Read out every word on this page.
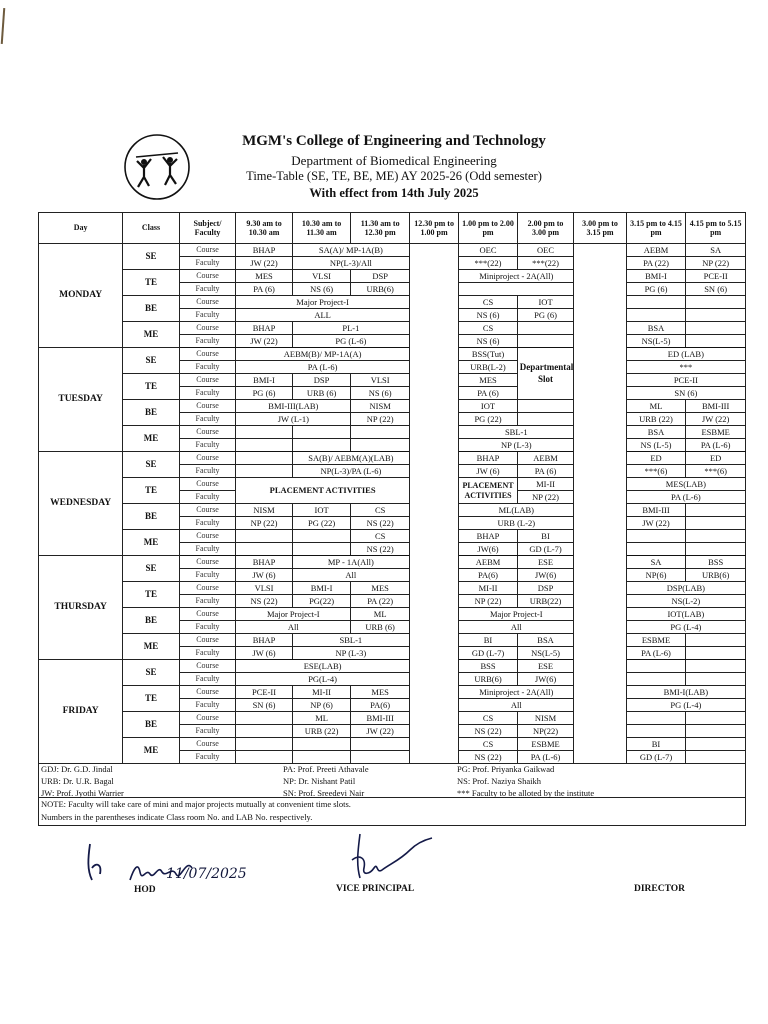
MGM's College of Engineering and Technology
Department of Biomedical Engineering
Time-Table (SE, TE, BE, ME) AY 2025-26 (Odd semester)
With effect from 14th July 2025
Day	Class	Subject/ Faculty	9.30 am to 10.30 am	10.30 am to 11.30 am	11.30 am to 12.30 pm	12.30 pm to 1.00 pm	1.00 pm to 2.00 pm	2.00 pm to 3.00 pm	3.00 pm to 3.15 pm	3.15 pm to 4.15 pm	4.15 pm to 5.15 pm
MONDAY	SE	Course	BHAP	SA(A)/ MP-1A(B)			OEC	OEC		AEBM	SA
		Faculty	JW (22)	NP(L-3)/All			***(22)	***(22)		PA (22)	NP (22)
	TE	Course	MES	VLSI	DSP		Miniproject - 2A(All)			BMI-I	PCE-II
		Faculty	PA (6)	NS (6)	URB(6)					PG (6)	SN (6)
	BE	Course	Major Project-I				CS	IOT			
		Faculty	ALL				NS (6)	PG (6)			
	ME	Course	BHAP	PL-1			CS			BSA	
		Faculty	JW (22)	PG (L-6)			NS (6)			NS(L-5)	
TUESDAY	SE	Course	AEBM(B)/ MP-1A(A)				BSS(Tut)	Departmental Slot		ED (LAB)	
		Faculty	PA (L-6)				URB(L-2)			***	
	TE	Course	BMI-I	DSP	VLSI		MES			PCE-II	
		Faculty	PG (6)	URB (6)	NS (6)		PA (6)			SN (6)	
	BE	Course	BMI-III(LAB)		NISM		IOT			ML	BMI-III
		Faculty	JW (L-1)		NP (22)		PG (22)			URB (22)	JW (22)
	ME	Course					SBL-1			BSA	ESBME
		Faculty					NP (L-3)			NS (L-5)	PA (L-6)
WEDNESDAY	SE	Course		SA(B)/ AEBM(A)(LAB)			BHAP	AEBM		ED	ED
		Faculty		NP(L-3)/PA (L-6)			JW (6)	PA (6)		***(6)	***(6)
	TE	Course	PLACEMENT ACTIVITIES				PLACEMENT ACTIVITIES	MI-II		MES(LAB)	
		Faculty						NP (22)		PA (L-6)	
	BE	Course	NISM	IOT	CS		ML(LAB)			BMI-III	
		Faculty	NP (22)	PG (22)	NS (22)		URB (L-2)			JW (22)	
	ME	Course			CS		BHAP	BI			
		Faculty			NS (22)		JW(6)	GD (L-7)			
THURSDAY	SE	Course	BHAP	MP - 1A(All)			AEBM	ESE		SA	BSS
		Faculty	JW (6)	All			PA(6)	JW(6)		NP(6)	URB(6)
	TE	Course	VLSI	BMI-I	MES		MI-II	DSP		DSP(LAB)	
		Faculty	NS (22)	PG(22)	PA (22)		NP (22)	URB(22)		NS(L-2)	
	BE	Course	Major Project-I		ML		Major Project-I			IOT(LAB)	
		Faculty	All		URB (6)		All			PG (L-4)	
	ME	Course	BHAP	SBL-1			BI	BSA		ESBME	
		Faculty	JW (6)	NP (L-3)			GD (L-7)	NS(L-5)		PA (L-6)	
FRIDAY	SE	Course	ESE(LAB)				BSS	ESE			
		Faculty	PG(L-4)				URB(6)	JW(6)			
	TE	Course	PCE-II	MI-II	MES		Miniproject - 2A(All)			BMI-I(LAB)	
		Faculty	SN (6)	NP (6)	PA(6)		All			PG (L-4)	
	BE	Course		ML	BMI-III		CS	NISM			
		Faculty		URB (22)	JW (22)		NS (22)	NP(22)			
	ME	Course					CS	ESBME		BI	
		Faculty					NS (22)	PA (L-6)		GD (L-7)	
GDJ: Dr. G.D. Jindal
URB: Dr. U.R. Bagal
JW: Prof. Jyothi Warrier
PA: Prof. Preeti Athavale
NP: Dr. Nishant Patil
SN: Prof. Sreedevi Nair
PG: Prof. Priyanka Gaikwad
NS: Prof. Naziya Shaikh
*** Faculty to be alloted by the institute
NOTE: Faculty will take care of mini and major projects mutually at convenient time slots.
Numbers in the parentheses indicate Class room No. and LAB No. respectively.
11/07/2025
HOD	VICE PRINCIPAL	DIRECTOR
